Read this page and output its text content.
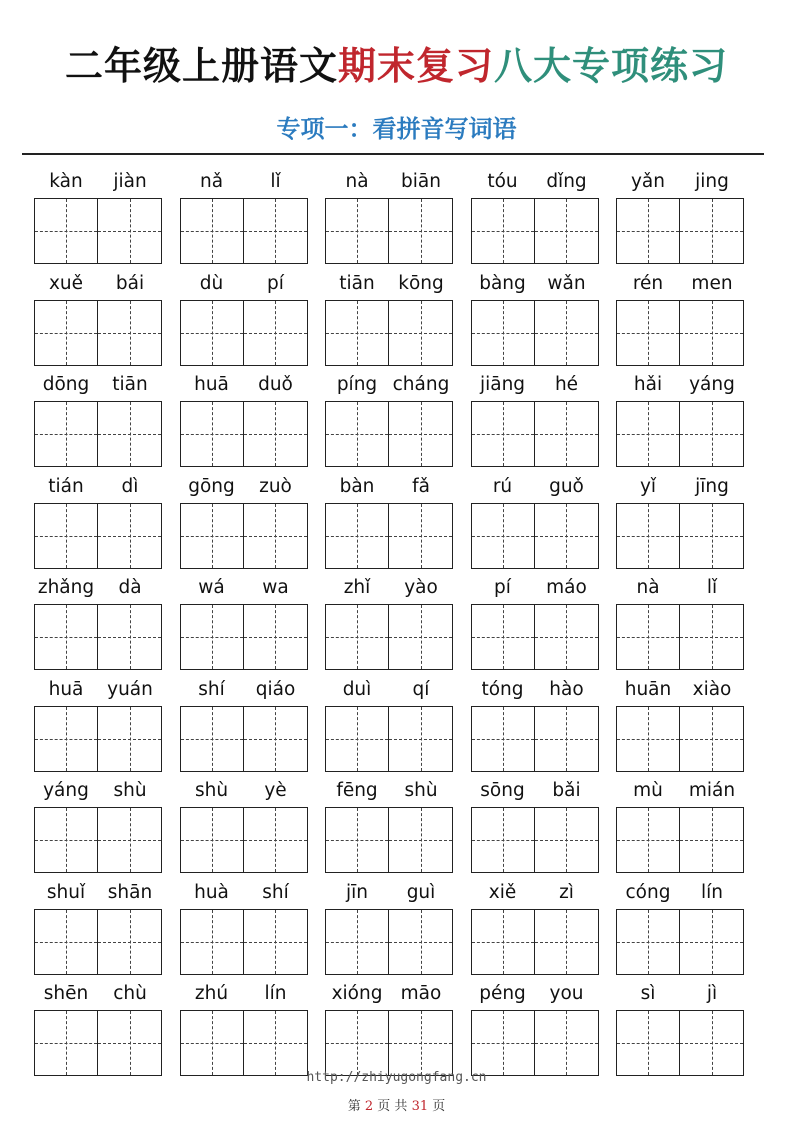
二年级上册语文期末复习八大专项练习
专项一：看拼音写词语
kàn	jiàn	nǎ	lǐ	nà	biān	tóu	dǐng	yǎn	jing
xuě	bái	dù	pí	tiān	kōng	bàng	wǎn	rén	men
dōng	tiān	huā	duǒ	píng cháng	jiāng	hé	hǎi	yáng
tián	dì	gōng	zuò	bàn	fǎ	rú	guǒ	yǐ	jīng
zhǎng	dà	wá	wa	zhǐ	yào	pí	máo	nà	lǐ
huā	yuán	shí	qiáo	duì	qí	tóng	hào	huān	xiào
yáng	shù	shù	yè	fēng	shù	sōng	bǎi	mù	mián
shuǐ	shān	huà	shí	jīn	guì	xiě	zì	cóng	lín
shēn	chù	zhú	lín	xióng māo	péng	you	sì	jì
http://zhiyugongfang.cn
第 2 页 共 31 页
